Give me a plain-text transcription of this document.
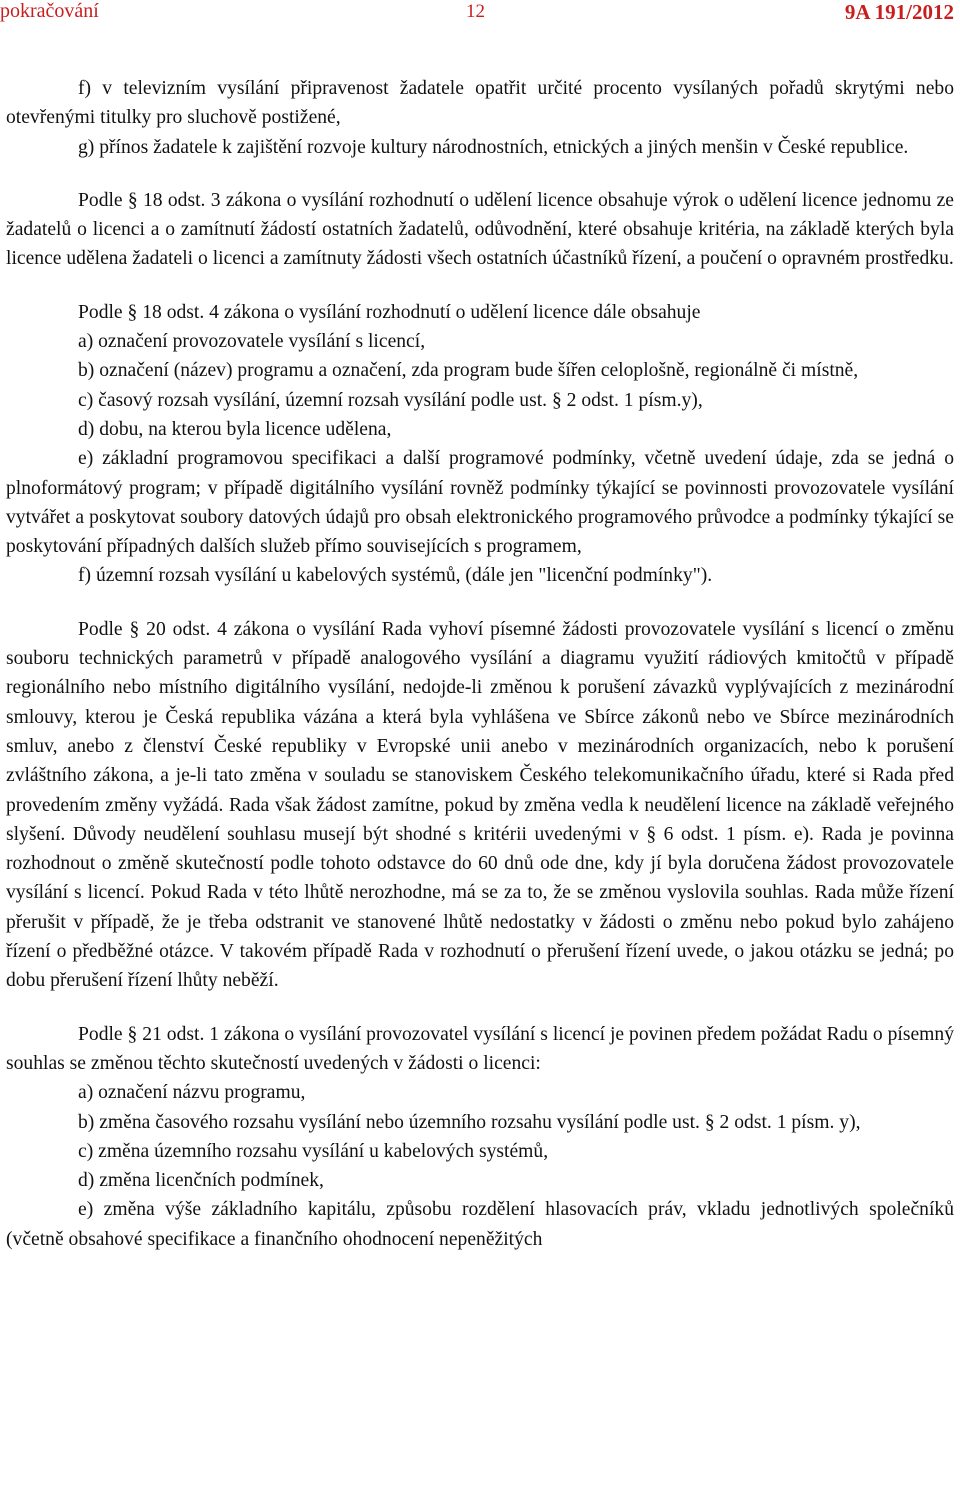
pokračování	12	9A 191/2012

f) v televizním vysílání připravenost žadatele opatřit určité procento vysílaných pořadů skrytými nebo otevřenými titulky pro sluchově postižené,

g) přínos žadatele k zajištění rozvoje kultury národnostních, etnických a jiných menšin v České republice.

Podle § 18 odst. 3 zákona o vysílání rozhodnutí o udělení licence obsahuje výrok o udělení licence jednomu ze žadatelů o licenci a o zamítnutí žádostí ostatních žadatelů, odůvodnění, které obsahuje kritéria, na základě kterých byla licence udělena žadateli o licenci a zamítnuty žádosti všech ostatních účastníků řízení, a poučení o opravném prostředku.

Podle § 18 odst. 4 zákona o vysílání rozhodnutí o udělení licence dále obsahuje

a) označení provozovatele vysílání s licencí,

b) označení (název) programu a označení, zda program bude šířen celoplošně, regionálně či místně,

c) časový rozsah vysílání, územní rozsah vysílání podle ust. § 2 odst. 1 písm.y),

d) dobu, na kterou byla licence udělena,

e) základní programovou specifikaci a další programové podmínky, včetně uvedení údaje, zda se jedná o plnoformátový program; v případě digitálního vysílání rovněž podmínky týkající se povinnosti provozovatele vysílání vytvářet a poskytovat soubory datových údajů pro obsah elektronického programového průvodce a podmínky týkající se poskytování případných dalších služeb přímo souvisejících s programem,

f) územní rozsah vysílání u kabelových systémů, (dále jen "licenční podmínky").

Podle § 20 odst. 4 zákona o vysílání Rada vyhoví písemné žádosti provozovatele vysílání s licencí o změnu souboru technických parametrů v případě analogového vysílání a diagramu využití rádiových kmitočtů v případě regionálního nebo místního digitálního vysílání, nedojde-li změnou k porušení závazků vyplývajících z mezinárodní smlouvy, kterou je Česká republika vázána a která byla vyhlášena ve Sbírce zákonů nebo ve Sbírce mezinárodních smluv, anebo z členství České republiky v Evropské unii anebo v mezinárodních organizacích, nebo k porušení zvláštního zákona, a je-li tato změna v souladu se stanoviskem Českého telekomunikačního úřadu, které si Rada před provedením změny vyžádá. Rada však žádost zamítne, pokud by změna vedla k neudělení licence na základě veřejného slyšení. Důvody neudělení souhlasu musejí být shodné s kritérii uvedenými v § 6 odst. 1 písm. e). Rada je povinna rozhodnout o změně skutečností podle tohoto odstavce do 60 dnů ode dne, kdy jí byla doručena žádost provozovatele vysílání s licencí. Pokud Rada v této lhůtě nerozhodne, má se za to, že se změnou vyslovila souhlas. Rada může řízení přerušit v případě, že je třeba odstranit ve stanovené lhůtě nedostatky v žádosti o změnu nebo pokud bylo zahájeno řízení o předběžné otázce. V takovém případě Rada v rozhodnutí o přerušení řízení uvede, o jakou otázku se jedná; po dobu přerušení řízení lhůty neběží.

Podle § 21 odst. 1 zákona o vysílání provozovatel vysílání s licencí je povinen předem požádat Radu o písemný souhlas se změnou těchto skutečností uvedených v žádosti o licenci:

a) označení názvu programu,

b) změna časového rozsahu vysílání nebo územního rozsahu vysílání podle ust. § 2 odst. 1 písm. y),

c) změna územního rozsahu vysílání u kabelových systémů,

d) změna licenčních podmínek,

e) změna výše základního kapitálu, způsobu rozdělení hlasovacích práv, vkladu jednotlivých společníků (včetně obsahové specifikace a finančního ohodnocení nepeněžitých
